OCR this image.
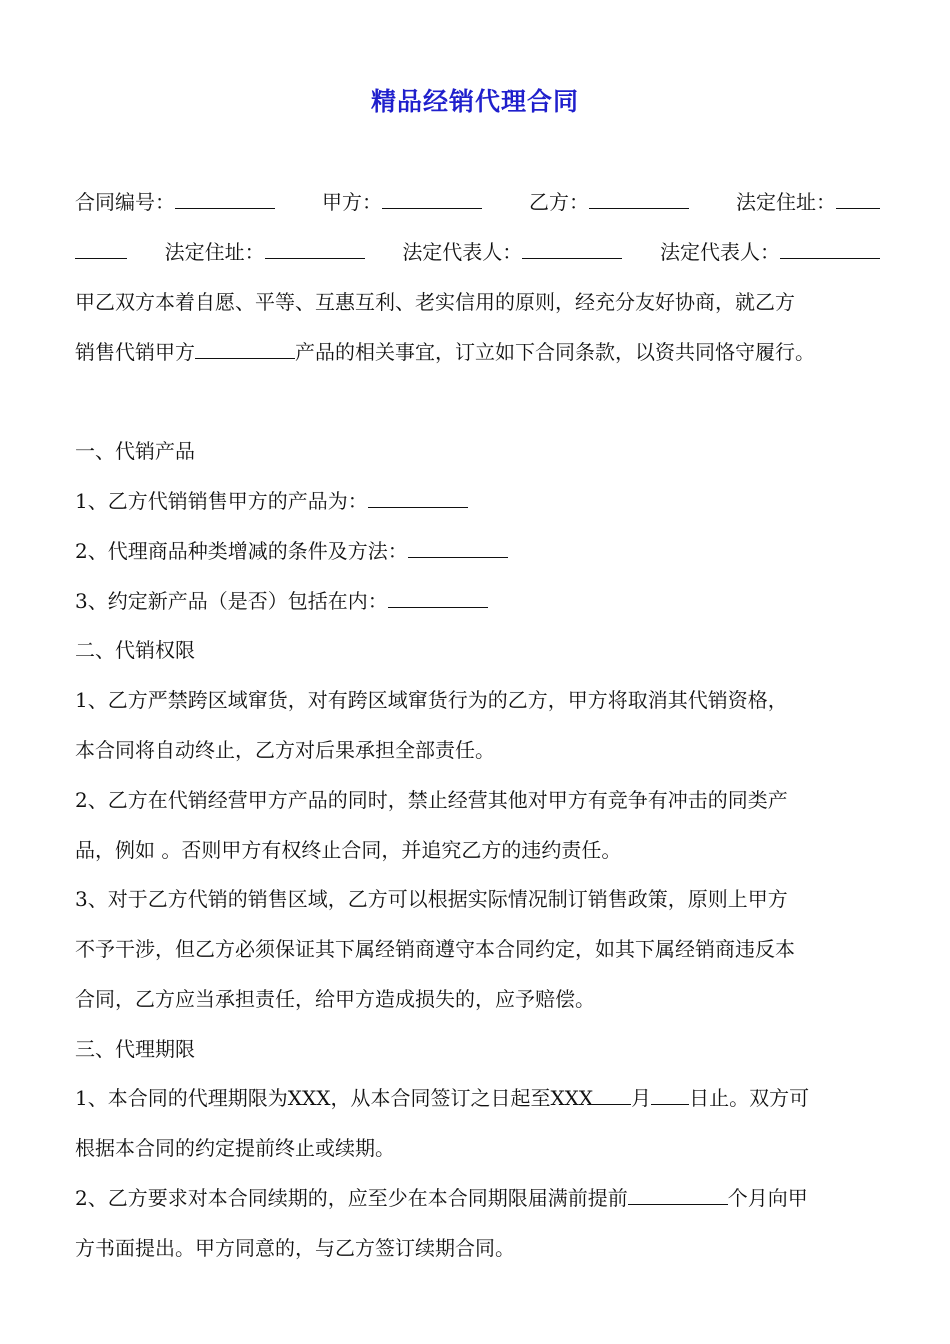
精品经销代理合同
合同编号：	甲方：	乙方：	法定住址：
法定住址：	法定代表人：	法定代表人：
甲乙双方本着自愿、平等、互惠互利、老实信用的原则，经充分友好协商，就乙方
销售代销甲方	产品的相关事宜，订立如下合同条款，以资共同恪守履行。
一、代销产品
1、乙方代销销售甲方的产品为：
2、代理商品种类增减的条件及方法：
3、约定新产品（是否）包括在内：
二、代销权限
1、乙方严禁跨区域窜货，对有跨区域窜货行为的乙方，甲方将取消其代销资格，
本合同将自动终止，乙方对后果承担全部责任。
2、乙方在代销经营甲方产品的同时，禁止经营其他对甲方有竞争有冲击的同类产
品，例如 。否则甲方有权终止合同，并追究乙方的违约责任。
3、对于乙方代销的销售区域，乙方可以根据实际情况制订销售政策，原则上甲方
不予干涉，但乙方必须保证其下属经销商遵守本合同约定，如其下属经销商违反本
合同，乙方应当承担责任，给甲方造成损失的，应予赔偿。
三、代理期限
1、本合同的代理期限为XXX，从本合同签订之日起至XXX 月 日止。双方可
根据本合同的约定提前终止或续期。
2、乙方要求对本合同续期的，应至少在本合同期限届满前提前	个月向甲
方书面提出。甲方同意的，与乙方签订续期合同。
